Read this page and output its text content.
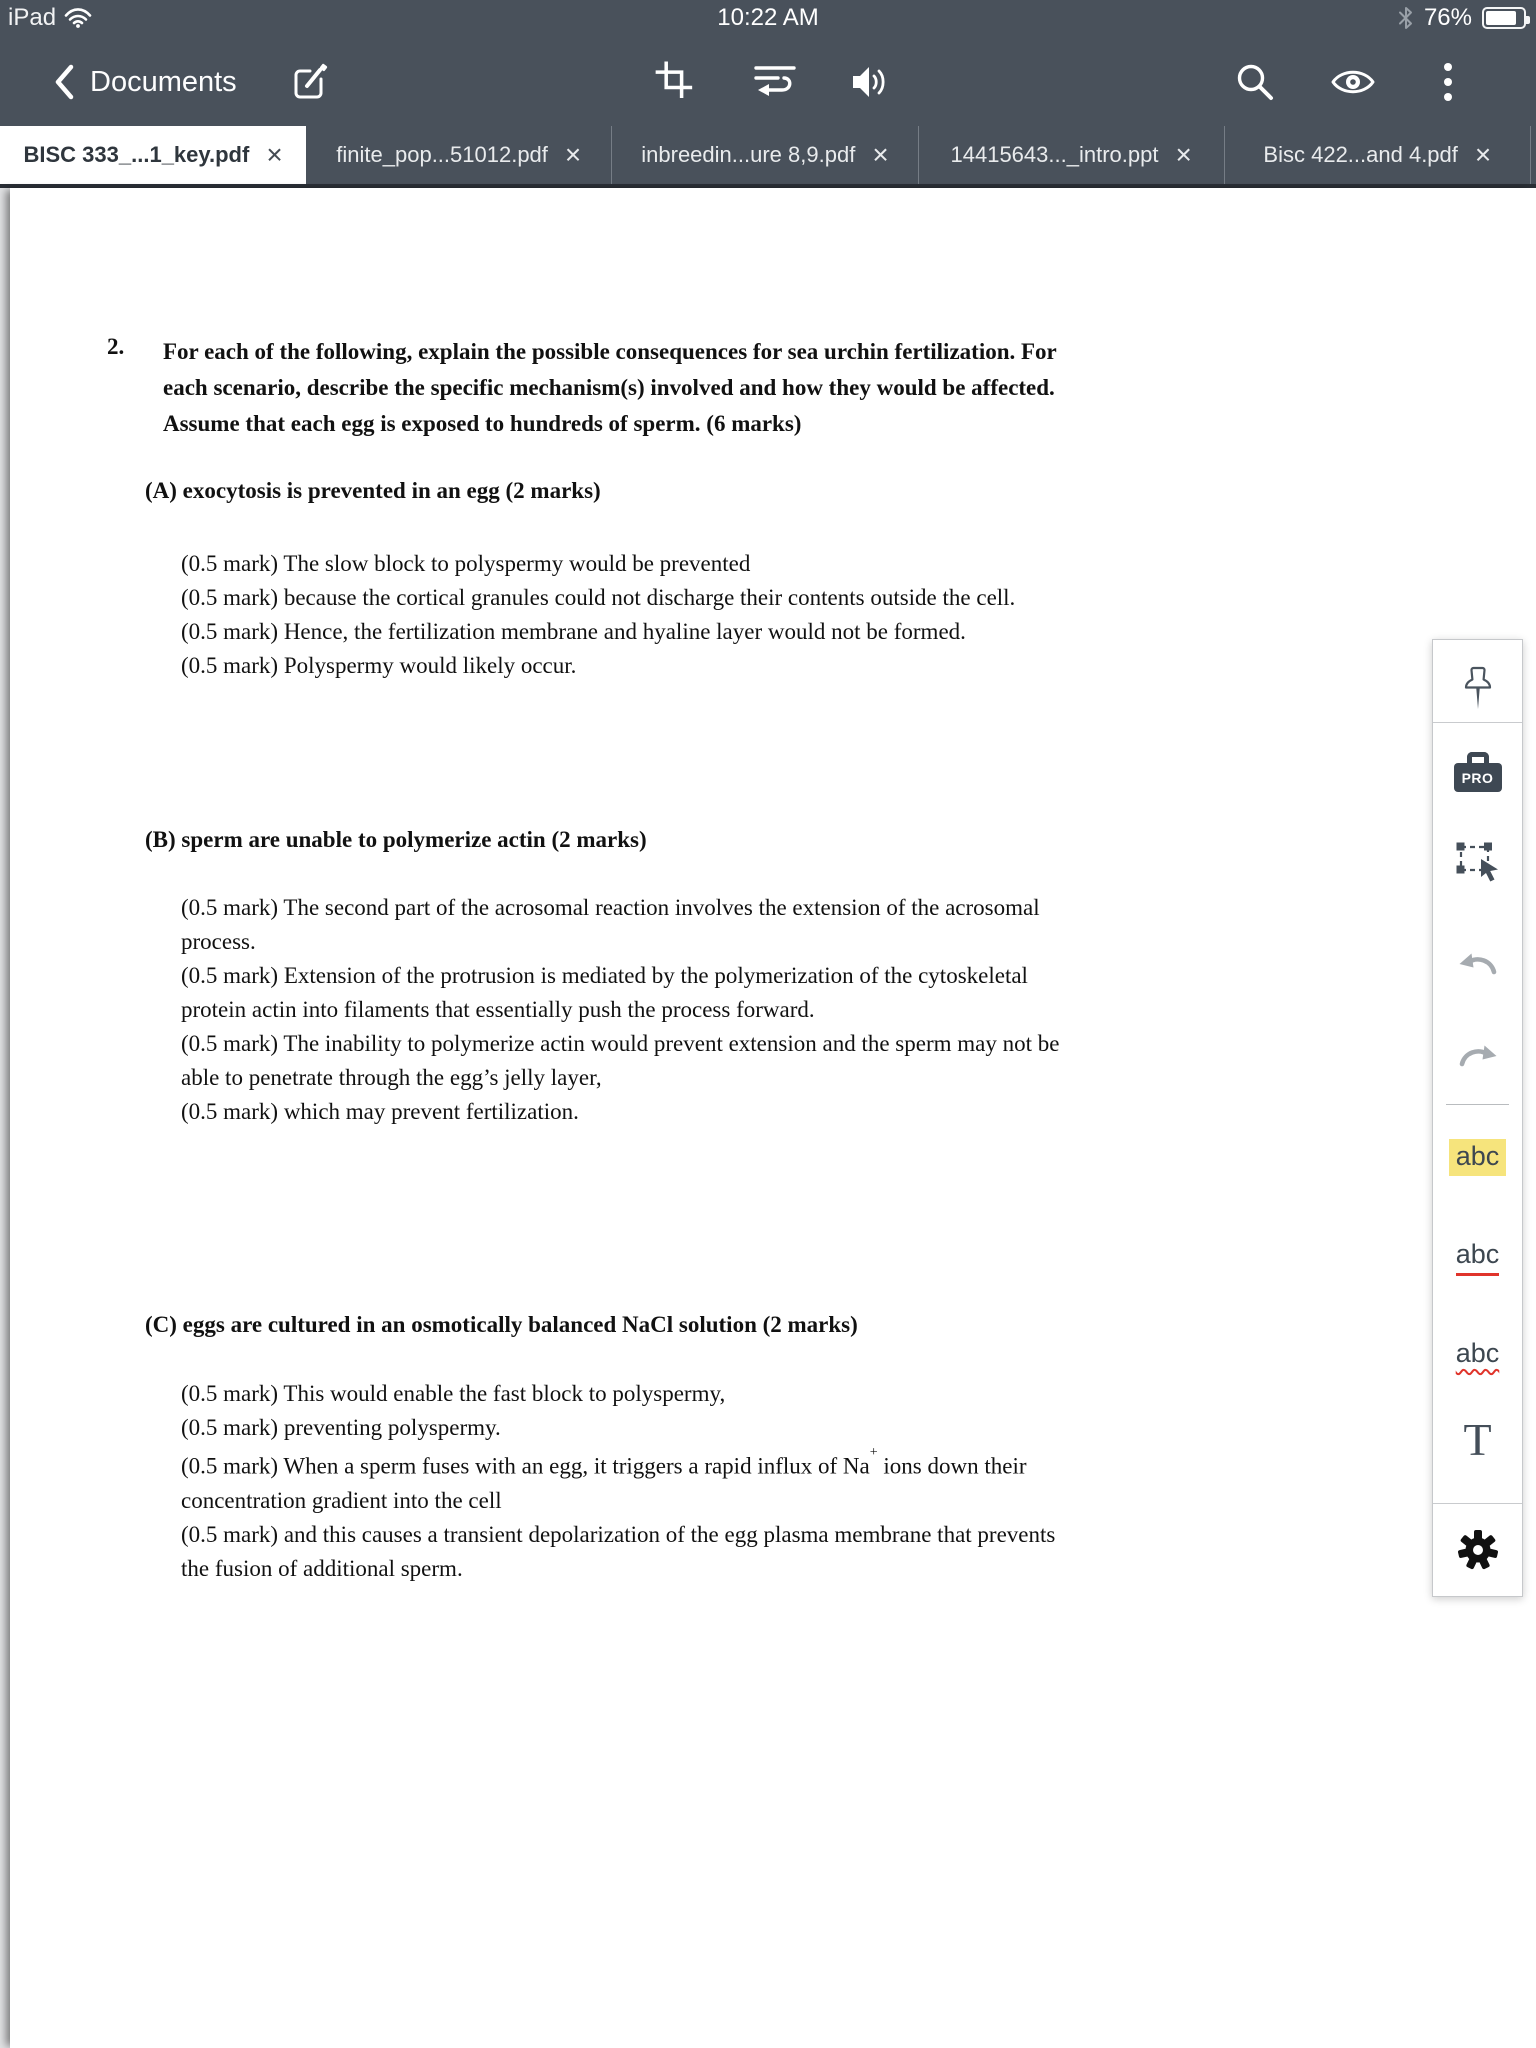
iPad	10:22 AM	76%
Documents
BISC 333_...1_key.pdf × finite_pop...51012.pdf ×	inbreedin...ure 8,9.pdf ×	14415643..._intro.ppt ×	Bisc 422...and 4.pdf ×
2. For each of the following, explain the possible consequences for sea urchin fertilization. For each scenario, describe the specific mechanism(s) involved and how they would be affected. Assume that each egg is exposed to hundreds of sperm. (6 marks)
(A) exocytosis is prevented in an egg (2 marks)
(0.5 mark) The slow block to polyspermy would be prevented
(0.5 mark) because the cortical granules could not discharge their contents outside the cell.
(0.5 mark) Hence, the fertilization membrane and hyaline layer would not be formed.
(0.5 mark) Polyspermy would likely occur.
(B) sperm are unable to polymerize actin (2 marks)
(0.5 mark) The second part of the acrosomal reaction involves the extension of the acrosomal process.
(0.5 mark) Extension of the protrusion is mediated by the polymerization of the cytoskeletal protein actin into filaments that essentially push the process forward.
(0.5 mark) The inability to polymerize actin would prevent extension and the sperm may not be able to penetrate through the egg’s jelly layer,
(0.5 mark) which may prevent fertilization.
(C) eggs are cultured in an osmotically balanced NaCl solution (2 marks)
(0.5 mark) This would enable the fast block to polyspermy,
(0.5 mark) preventing polyspermy.
(0.5 mark) When a sperm fuses with an egg, it triggers a rapid influx of Na+ ions down their concentration gradient into the cell
(0.5 mark) and this causes a transient depolarization of the egg plasma membrane that prevents the fusion of additional sperm.
PRO
abc
abc
abc
T
